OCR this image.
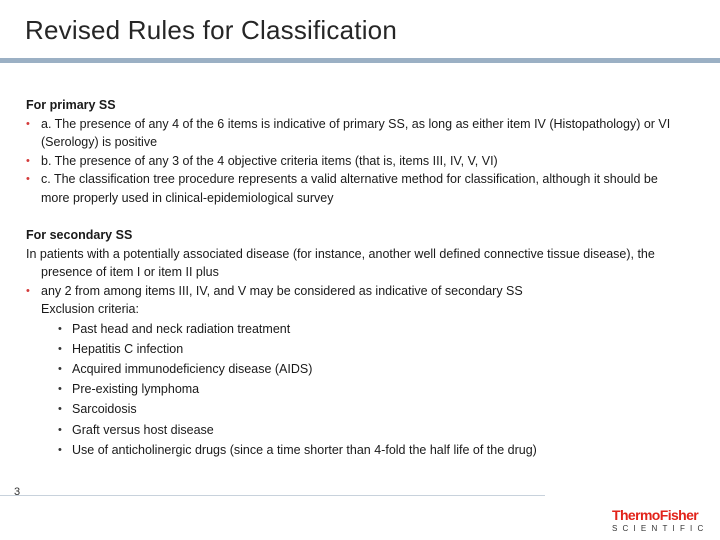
Revised Rules for Classification
For primary SS
• a. The presence of any 4 of the 6 items is indicative of primary SS, as long as either item IV (Histopathology) or VI (Serology) is positive
• b. The presence of any 3 of the 4 objective criteria items (that is, items III, IV, V, VI)
• c. The classification tree procedure represents a valid alternative method for classification, although it should be more properly used in clinical-epidemiological survey
For secondary SS
In patients with a potentially associated disease (for instance, another well defined connective tissue disease), the presence of item I or item II plus
• any 2 from among items III, IV, and V may be considered as indicative of secondary SS
Exclusion criteria:
• Past head and neck radiation treatment
• Hepatitis C infection
• Acquired immunodeficiency disease (AIDS)
• Pre-existing lymphoma
• Sarcoidosis
• Graft versus host disease
• Use of anticholinergic drugs (since a time shorter than 4-fold the half life of the drug)
3
ThermoFisher
SCIENTIFIC
